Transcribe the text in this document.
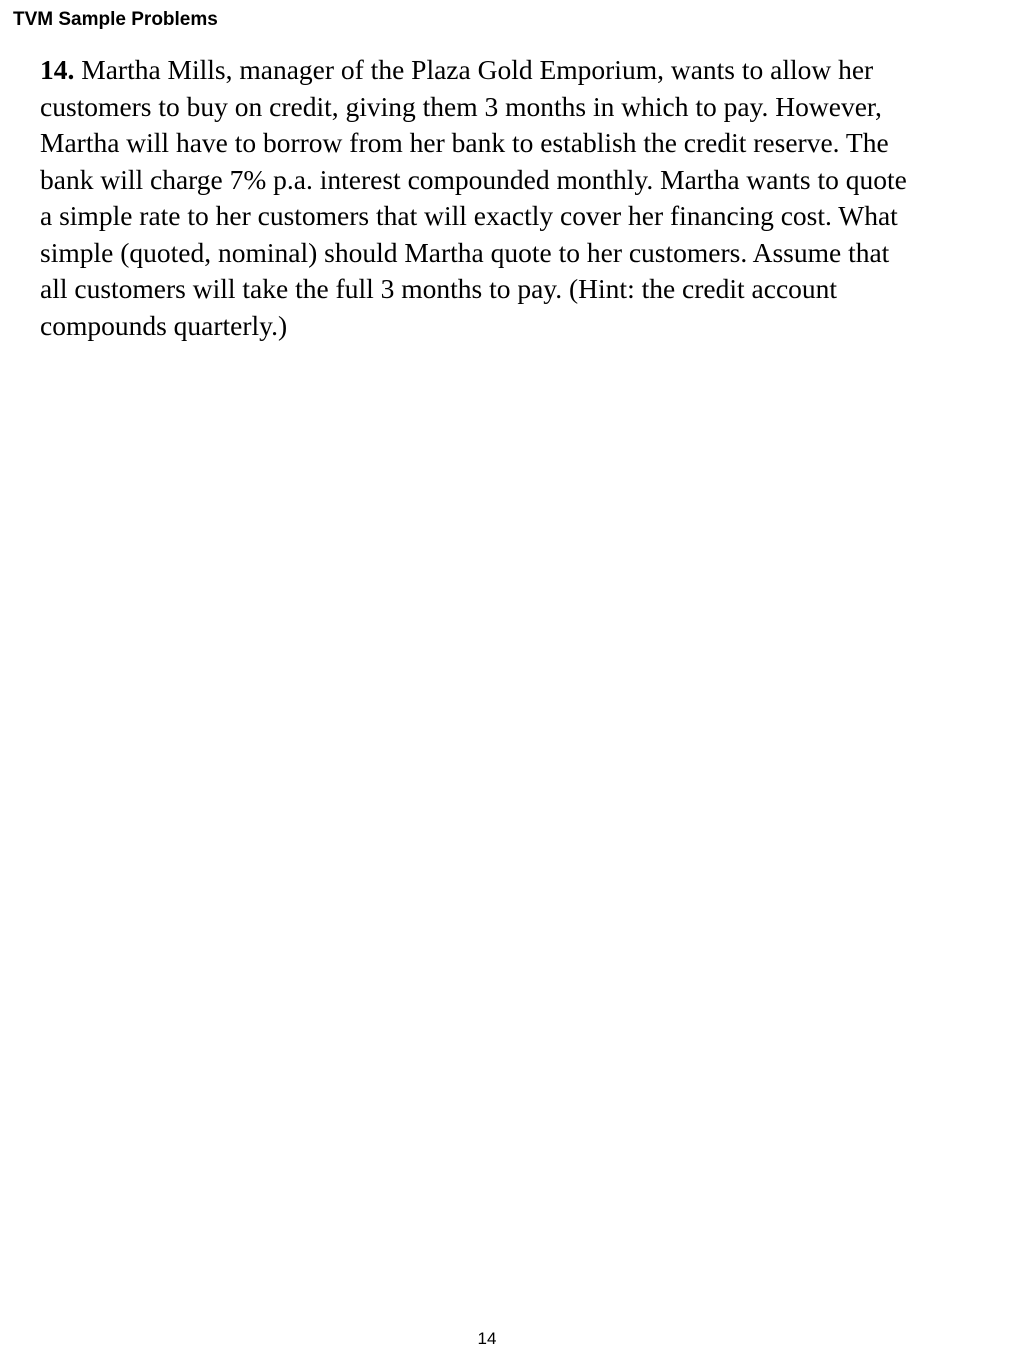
TVM Sample Problems
14. Martha Mills, manager of the Plaza Gold Emporium, wants to allow her
customers to buy on credit, giving them 3 months in which to pay. However,
Martha will have to borrow from her bank to establish the credit reserve. The
bank will charge 7% p.a. interest compounded monthly. Martha wants to quote
a simple rate to her customers that will exactly cover her financing cost. What
simple (quoted, nominal) should Martha quote to her customers. Assume that
all customers will take the full 3 months to pay. (Hint: the credit account
compounds quarterly.)
14
